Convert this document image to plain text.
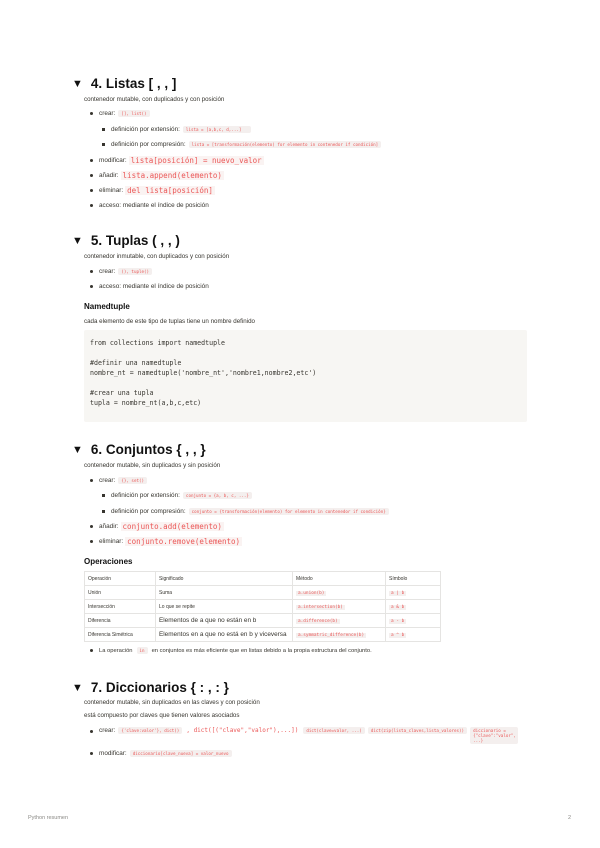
▼ 4. Listas [ , , ]
contenedor mutable, con duplicados y con posición
crear:	[], list()
definición por extensión:	lista = [a,b,c, d,...]
definición por compresión:	lista = [transformación(elemento) for elemento in contenedor if condición]
modificar: lista[posición] = nuevo_valor
añadir: lista.append(elemento)
eliminar: del lista[posición]
acceso: mediante el índice de posición
▼ 5. Tuplas ( , , )
contenedor inmutable, con duplicados y con posición
crear:	(), tuple()
acceso: mediante el índice de posición
Namedtuple
cada elemento de este tipo de tuplas tiene un nombre definido
from collections import namedtuple
#definir una namedtuple
nombre_nt = namedtuple('nombre_nt','nombre1,nombre2,etc')
#crear una tupla
tupla = nombre_nt(a,b,c,etc)
▼ 6. Conjuntos { , , }
contenedor mutable, sin duplicados y sin posición
crear:	{}, set()
definición por extensión:	conjunto = {a, b, c, ...}
definición por compresión:	conjunto = {transformación(elemento) for elemento in contenedor if condición}
añadir: conjunto.add(elemento)
eliminar: conjunto.remove(elemento)
Operaciones
Operación	Significado	Método	Símbolo
Unión	Suma	a.union(b)	a | b
Intersección	Lo que se repite	a.intersection(b)	a & b
Diferencia	Elementos de a que no están en b	a.difference(b)	a - b
Diferencia Simétrica	Elementos en a que no está en b y viceversa	a.symmatric_difference(b)	a ^ b
La operación	in	en conjuntos es más eficiente que en listas debido a la propia estructura del conjunto.
▼ 7. Diccionarios { : , : }
contenedor mutable, sin duplicados en las claves y con posición
está compuesto por claves que tienen valores asociados
crear:	{'clave:valor'}, dict()	, dict([("clave","valor"),...])	dict(clave=valor, ...)	dict(zip(lista_claves,lista_valores))	diccionario = {"clave":"valor", ...}
modificar:	diccionario[clave_nueva] = valor_nuevo
Python resumen	2
